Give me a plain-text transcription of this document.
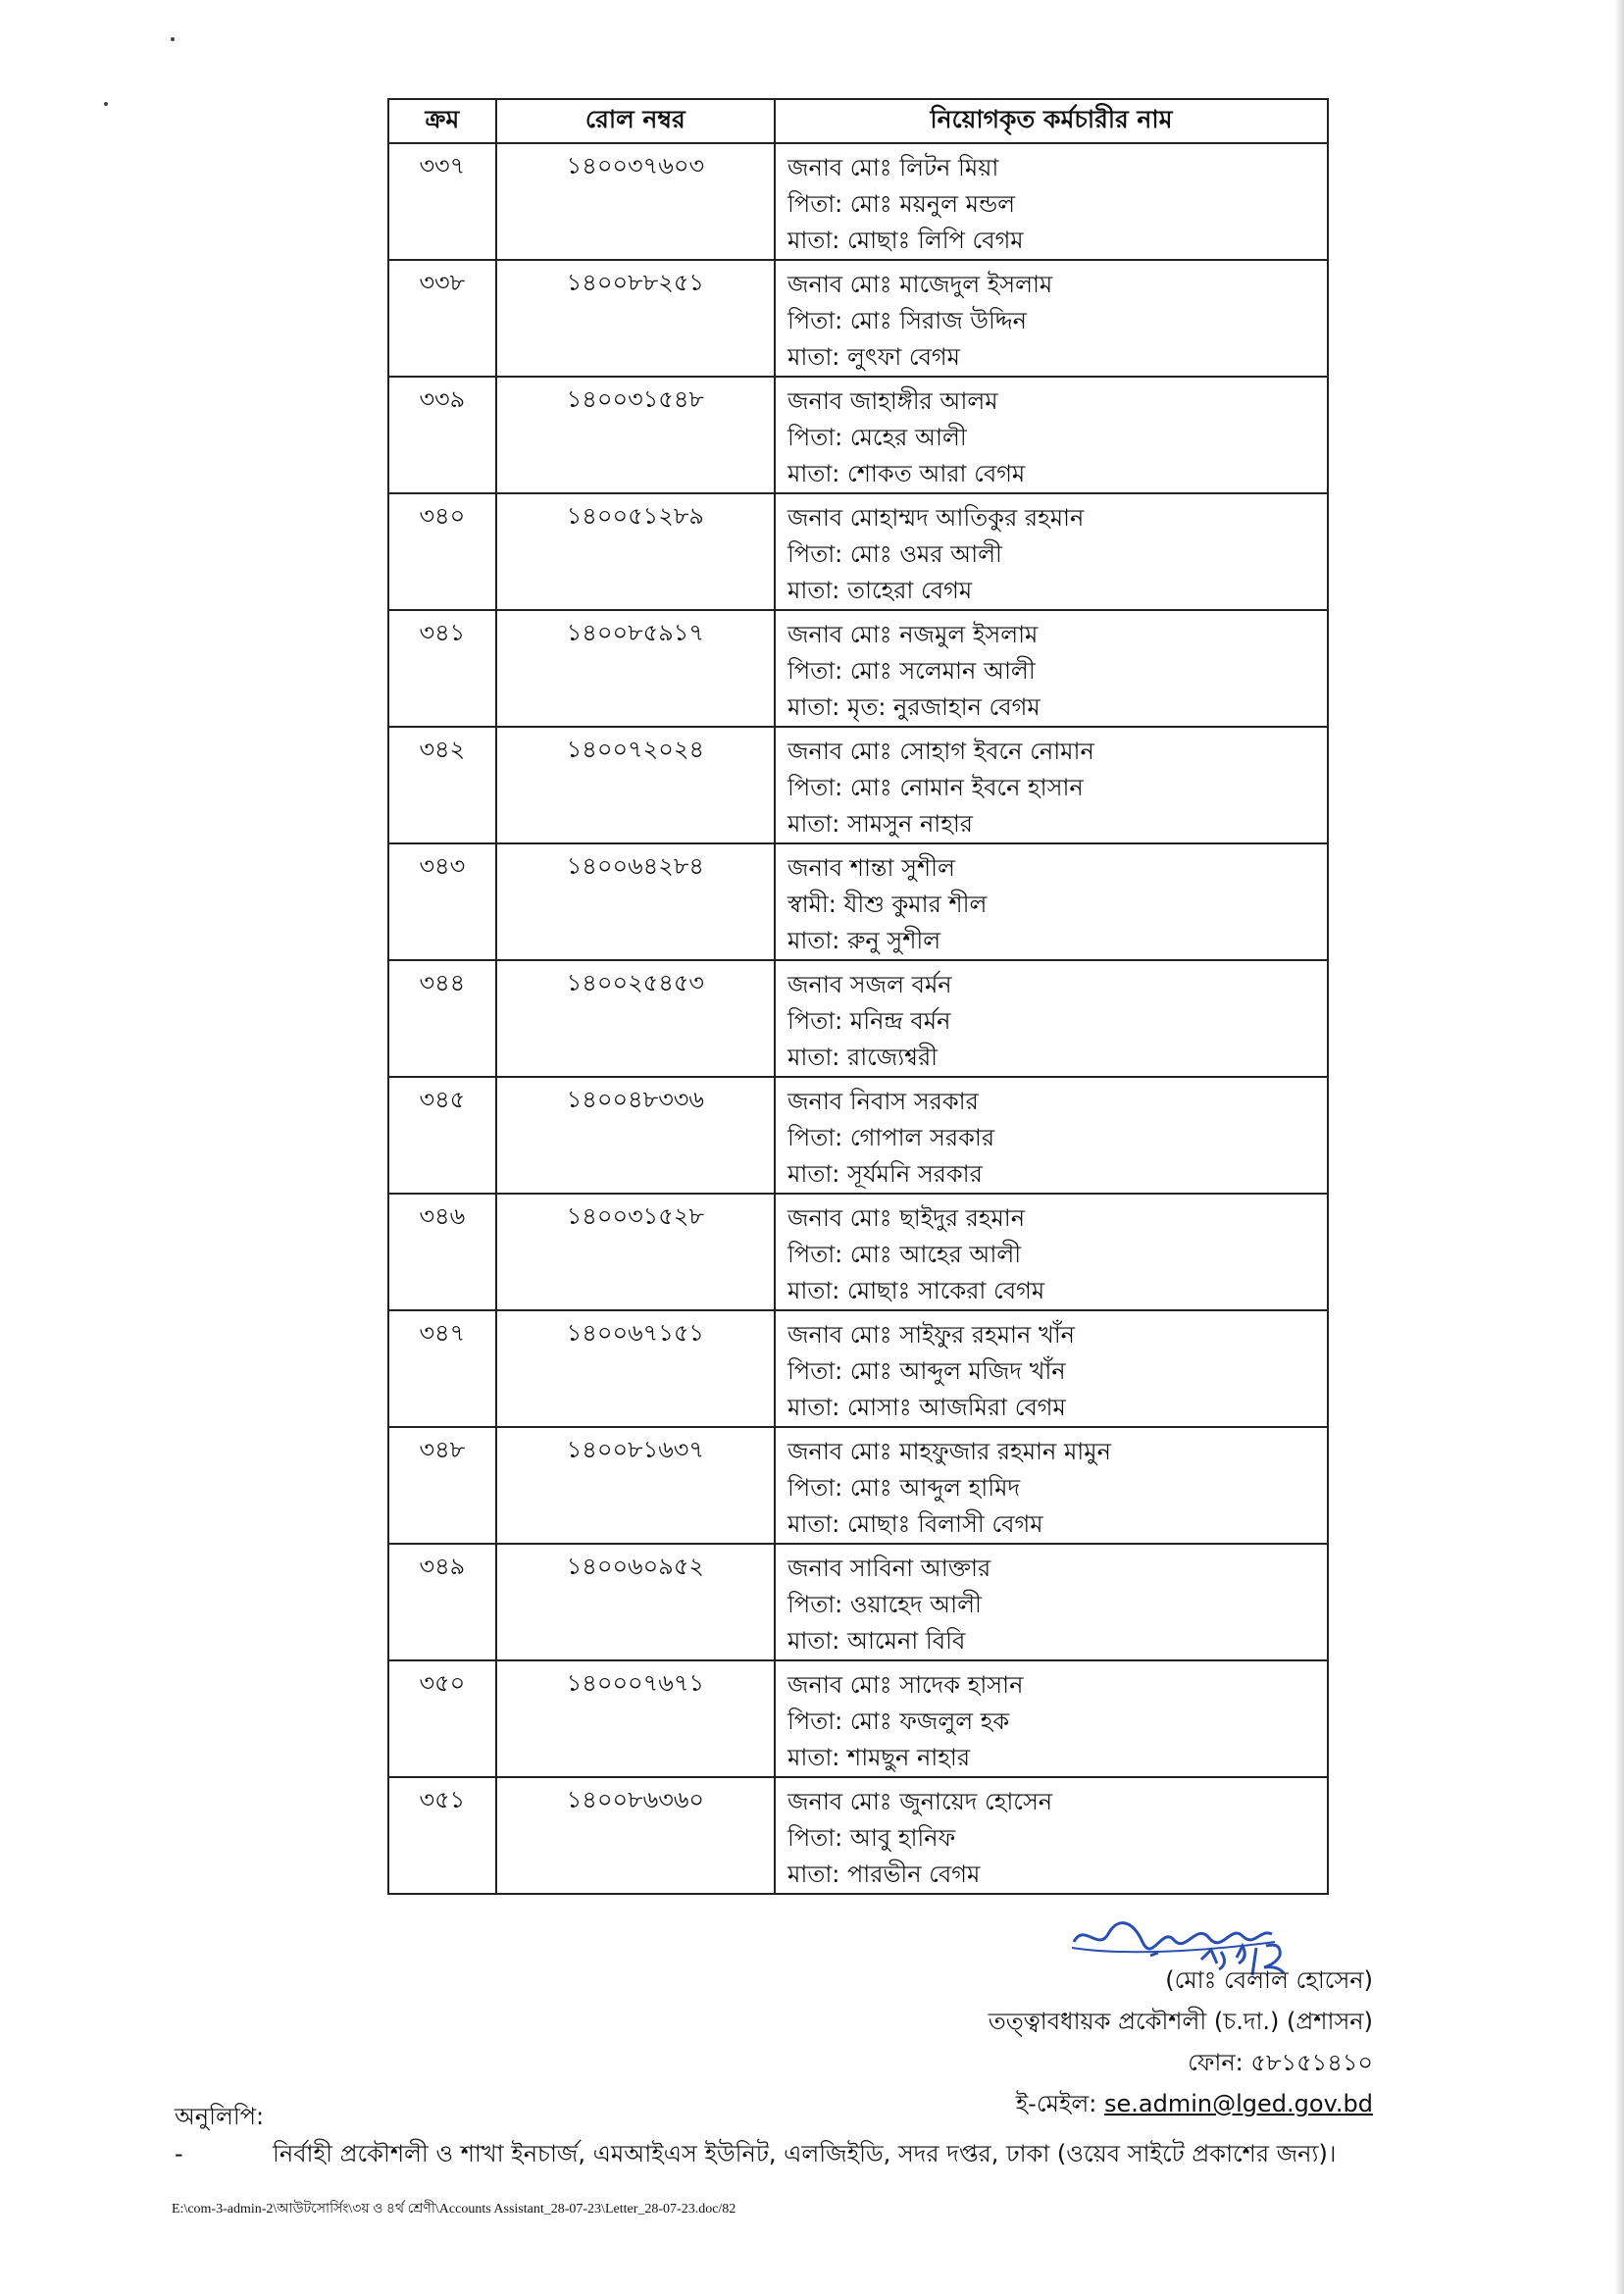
ক্রম	রোল নম্বর	নিয়োগকৃত কর্মচারীর নাম
৩৩৭	১৪০০৩৭৬০৩	জনাব মোঃ লিটন মিয়া
পিতা: মোঃ ময়নুল মন্ডল
মাতা: মোছাঃ লিপি বেগম

৩৩৮	১৪০০৮৮২৫১	জনাব মোঃ মাজেদুল ইসলাম
পিতা: মোঃ সিরাজ উদ্দিন
মাতা: লুৎফা বেগম

৩৩৯	১৪০০৩১৫৪৮	জনাব জাহাঙ্গীর আলম
পিতা: মেহের আলী
মাতা: শোকত আরা বেগম

৩৪০	১৪০০৫১২৮৯	জনাব মোহাম্মদ আতিকুর রহমান
পিতা: মোঃ ওমর আলী
মাতা: তাহেরা বেগম

৩৪১	১৪০০৮৫৯১৭	জনাব মোঃ নজমুল ইসলাম
পিতা: মোঃ সলেমান আলী
মাতা: মৃত: নুরজাহান বেগম

৩৪২	১৪০০৭২০২৪	জনাব মোঃ সোহাগ ইবনে নোমান
পিতা: মোঃ নোমান ইবনে হাসান
মাতা: সামসুন নাহার

৩৪৩	১৪০০৬৪২৮৪	জনাব শান্তা সুশীল
স্বামী: যীশু কুমার শীল
মাতা: রুনু সুশীল

৩৪৪	১৪০০২৫৪৫৩	জনাব সজল বর্মন
পিতা: মনিন্দ্র বর্মন
মাতা: রাজ্যেশ্বরী

৩৪৫	১৪০০৪৮৩৩৬	জনাব নিবাস সরকার
পিতা: গোপাল সরকার
মাতা: সূর্যমনি সরকার

৩৪৬	১৪০০৩১৫২৮	জনাব মোঃ ছাইদুর রহমান
পিতা: মোঃ আহের আলী
মাতা: মোছাঃ সাকেরা বেগম

৩৪৭	১৪০০৬৭১৫১	জনাব মোঃ সাইফুর রহমান খাঁন
পিতা: মোঃ আব্দুল মজিদ খাঁন
মাতা: মোসাঃ আজমিরা বেগম

৩৪৮	১৪০০৮১৬৩৭	জনাব মোঃ মাহফুজার রহমান মামুন
পিতা: মোঃ আব্দুল হামিদ
মাতা: মোছাঃ বিলাসী বেগম

৩৪৯	১৪০০৬০৯৫২	জনাব সাবিনা আক্তার
পিতা: ওয়াহেদ আলী
মাতা: আমেনা বিবি

৩৫০	১৪০০০৭৬৭১	জনাব মোঃ সাদেক হাসান
পিতা: মোঃ ফজলুল হক
মাতা: শামছুন নাহার

৩৫১	১৪০০৮৬৩৬০	জনাব মোঃ জুনায়েদ হোসেন
পিতা: আবু হানিফ
মাতা: পারভীন বেগম
(মোঃ বেলাল হোসেন)
তত্ত্বাবধায়ক প্রকৌশলী (চ.দা.) (প্রশাসন)
ফোন: ৫৮১৫১৪১০
ই-মেইল: se.admin@lged.gov.bd
অনুলিপি:
-	নির্বাহী প্রকৌশলী ও শাখা ইনচার্জ, এমআইএস ইউনিট, এলজিইডি, সদর দপ্তর, ঢাকা (ওয়েব সাইটে প্রকাশের জন্য)।
E:\com-3-admin-2\আউটসোর্সিং\৩য় ও ৪র্থ শ্রেণী\Accounts Assistant_28-07-23\Letter_28-07-23.doc/82
